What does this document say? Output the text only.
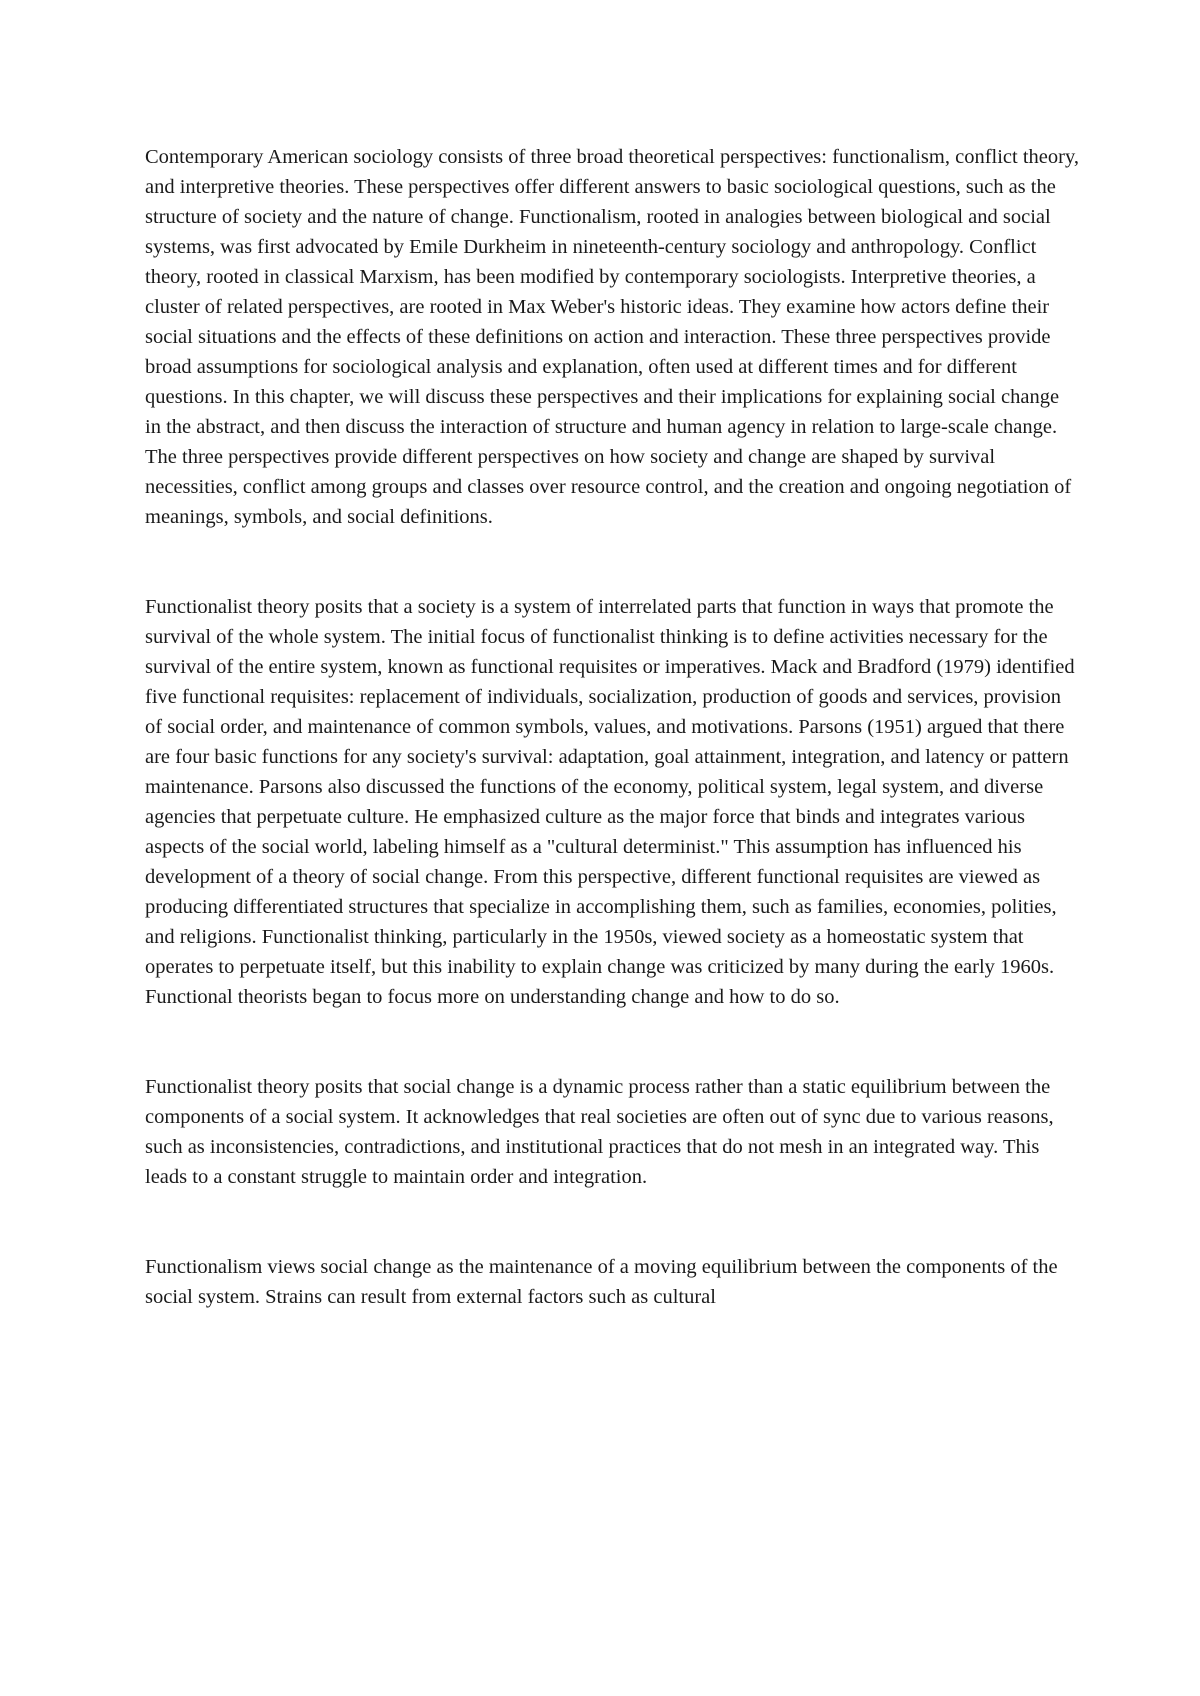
Contemporary American sociology consists of three broad theoretical perspectives: functionalism, conflict theory, and interpretive theories. These perspectives offer different answers to basic sociological questions, such as the structure of society and the nature of change. Functionalism, rooted in analogies between biological and social systems, was first advocated by Emile Durkheim in nineteenth-century sociology and anthropology. Conflict theory, rooted in classical Marxism, has been modified by contemporary sociologists. Interpretive theories, a cluster of related perspectives, are rooted in Max Weber's historic ideas. They examine how actors define their social situations and the effects of these definitions on action and interaction. These three perspectives provide broad assumptions for sociological analysis and explanation, often used at different times and for different questions. In this chapter, we will discuss these perspectives and their implications for explaining social change in the abstract, and then discuss the interaction of structure and human agency in relation to large-scale change. The three perspectives provide different perspectives on how society and change are shaped by survival necessities, conflict among groups and classes over resource control, and the creation and ongoing negotiation of meanings, symbols, and social definitions.

Functionalist theory posits that a society is a system of interrelated parts that function in ways that promote the survival of the whole system. The initial focus of functionalist thinking is to define activities necessary for the survival of the entire system, known as functional requisites or imperatives. Mack and Bradford (1979) identified five functional requisites: replacement of individuals, socialization, production of goods and services, provision of social order, and maintenance of common symbols, values, and motivations. Parsons (1951) argued that there are four basic functions for any society's survival: adaptation, goal attainment, integration, and latency or pattern maintenance. Parsons also discussed the functions of the economy, political system, legal system, and diverse agencies that perpetuate culture. He emphasized culture as the major force that binds and integrates various aspects of the social world, labeling himself as a "cultural determinist." This assumption has influenced his development of a theory of social change. From this perspective, different functional requisites are viewed as producing differentiated structures that specialize in accomplishing them, such as families, economies, polities, and religions. Functionalist thinking, particularly in the 1950s, viewed society as a homeostatic system that operates to perpetuate itself, but this inability to explain change was criticized by many during the early 1960s. Functional theorists began to focus more on understanding change and how to do so.

Functionalist theory posits that social change is a dynamic process rather than a static equilibrium between the components of a social system. It acknowledges that real societies are often out of sync due to various reasons, such as inconsistencies, contradictions, and institutional practices that do not mesh in an integrated way. This leads to a constant struggle to maintain order and integration.

Functionalism views social change as the maintenance of a moving equilibrium between the components of the social system. Strains can result from external factors such as cultural
